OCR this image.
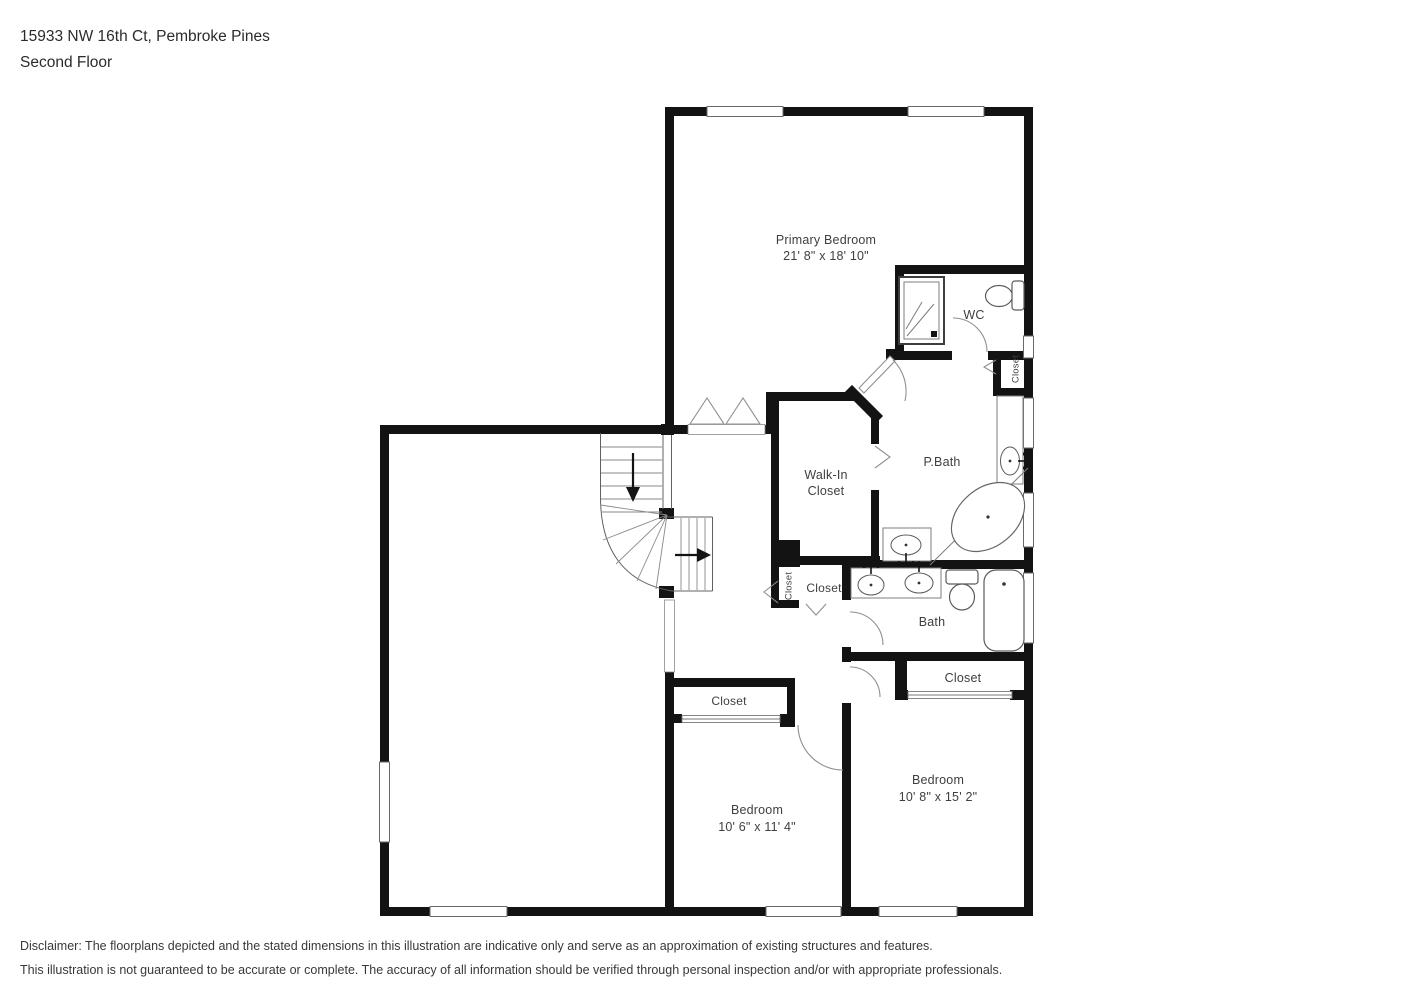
15933 NW 16th Ct, Pembroke Pines
Second Floor
Primary Bedroom
21' 8" x 18' 10"
WC
Closet
Walk-In
Closet
P.Bath
Closet Closet
Bath
Closet
Closet
Bedroom
10' 6" x 11' 4"
Bedroom
10' 8" x 15' 2"
Disclaimer: The floorplans depicted and the stated dimensions in this illustration are indicative only and serve as an approximation of existing structures and features.
This illustration is not guaranteed to be accurate or complete. The accuracy of all information should be verified through personal inspection and/or with appropriate professionals.
